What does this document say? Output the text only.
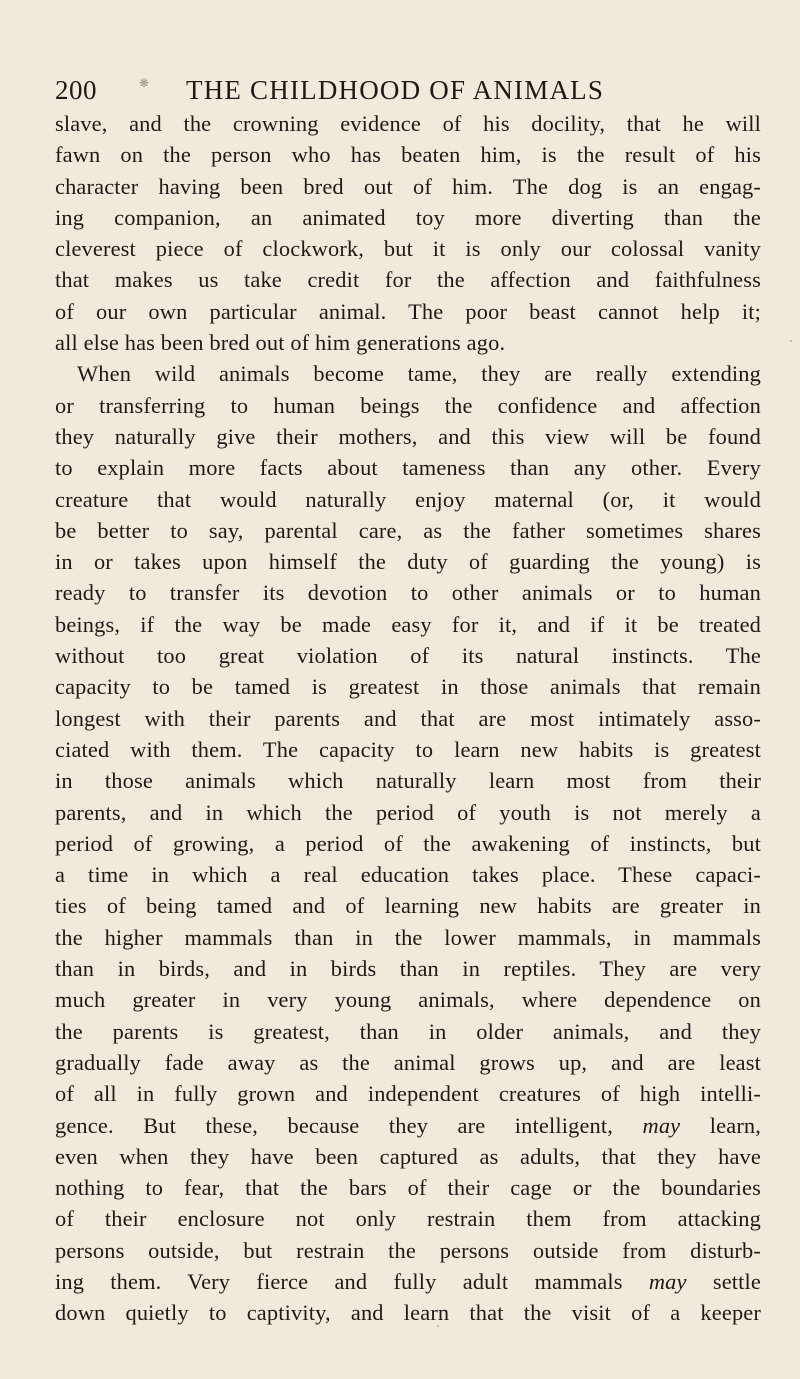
200	❋ THE CHILDHOOD OF ANIMALS
slave, and the crowning evidence of his docility, that he will
fawn on the person who has beaten him, is the result of his
character having been bred out of him. The dog is an engag-
ing companion, an animated toy more diverting than the
cleverest piece of clockwork, but it is only our colossal vanity
that makes us take credit for the affection and faithfulness
of our own particular animal. The poor beast cannot help it;
all else has been bred out of him generations ago.
When wild animals become tame, they are really extending
or transferring to human beings the confidence and affection
they naturally give their mothers, and this view will be found
to explain more facts about tameness than any other. Every
creature that would naturally enjoy maternal (or, it would
be better to say, parental care, as the father sometimes shares
in or takes upon himself the duty of guarding the young) is
ready to transfer its devotion to other animals or to human
beings, if the way be made easy for it, and if it be treated
without too great violation of its natural instincts. The
capacity to be tamed is greatest in those animals that remain
longest with their parents and that are most intimately asso-
ciated with them. The capacity to learn new habits is greatest
in those animals which naturally learn most from their
parents, and in which the period of youth is not merely a
period of growing, a period of the awakening of instincts, but
a time in which a real education takes place. These capaci-
ties of being tamed and of learning new habits are greater in
the higher mammals than in the lower mammals, in mammals
than in birds, and in birds than in reptiles. They are very
much greater in very young animals, where dependence on
the parents is greatest, than in older animals, and they
gradually fade away as the animal grows up, and are least
of all in fully grown and independent creatures of high intelli-
gence. But these, because they are intelligent, may learn,
even when they have been captured as adults, that they have
nothing to fear, that the bars of their cage or the boundaries
of their enclosure not only restrain them from attacking
persons outside, but restrain the persons outside from disturb-
ing them. Very fierce and fully adult mammals may settle
down quietly to captivity, and learn that the visit of a keeper
